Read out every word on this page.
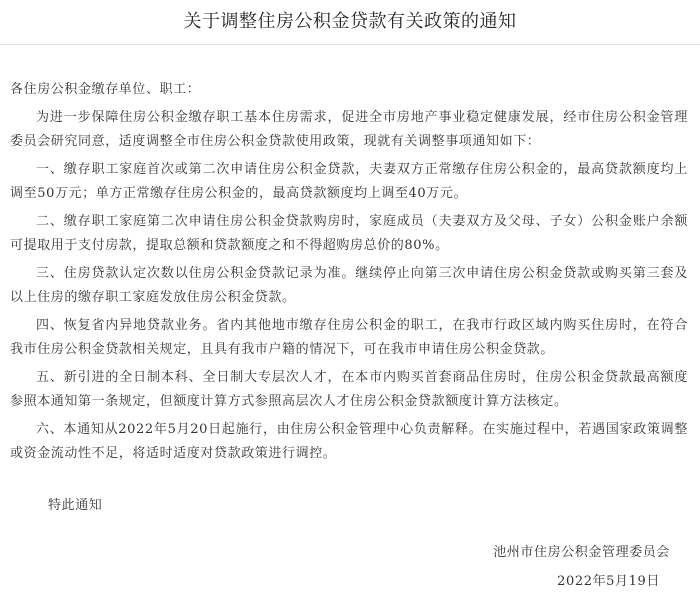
关于调整住房公积金贷款有关政策的通知

各住房公积金缴存单位、职工：

为进一步保障住房公积金缴存职工基本住房需求，促进全市房地产事业稳定健康发展，经市住房公积金管理委员会研究同意，适度调整全市住房公积金贷款使用政策，现就有关调整事项通知如下：

一、缴存职工家庭首次或第二次申请住房公积金贷款，夫妻双方正常缴存住房公积金的，最高贷款额度均上调至50万元；单方正常缴存住房公积金的，最高贷款额度均上调至40万元。

二、缴存职工家庭第二次申请住房公积金贷款购房时，家庭成员（夫妻双方及父母、子女）公积金账户余额可提取用于支付房款，提取总额和贷款额度之和不得超购房总价的80%。

三、住房贷款认定次数以住房公积金贷款记录为准。继续停止向第三次申请住房公积金贷款或购买第三套及以上住房的缴存职工家庭发放住房公积金贷款。

四、恢复省内异地贷款业务。省内其他地市缴存住房公积金的职工，在我市行政区域内购买住房时，在符合我市住房公积金贷款相关规定，且具有我市户籍的情况下，可在我市申请住房公积金贷款。

五、新引进的全日制本科、全日制大专层次人才，在本市内购买首套商品住房时，住房公积金贷款最高额度参照本通知第一条规定，但额度计算方式参照高层次人才住房公积金贷款额度计算方法核定。

六、本通知从2022年5月20日起施行，由住房公积金管理中心负责解释。在实施过程中，若遇国家政策调整或资金流动性不足，将适时适度对贷款政策进行调控。

特此通知
池州市住房公积金管理委员会
2022年5月19日
